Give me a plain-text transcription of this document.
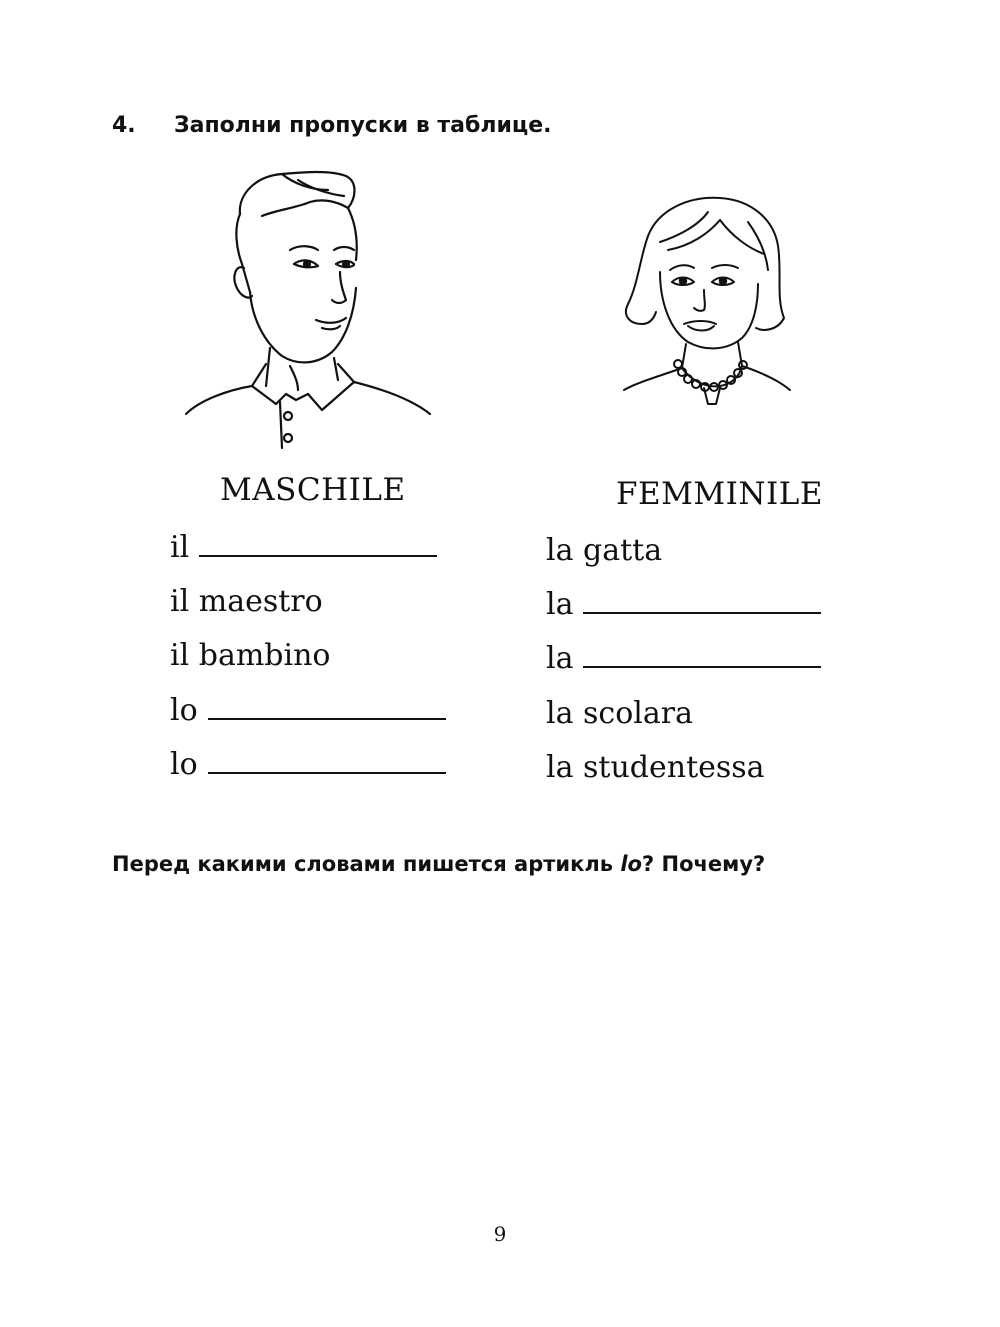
4. Заполни пропуски в таблице.
MASCHILE	FEMMINILE
il
il maestro
il bambino
lo
lo
la gatta
la
la
la scolara
la studentessa
Перед какими словами пишется артикль lo? Почему?
9
